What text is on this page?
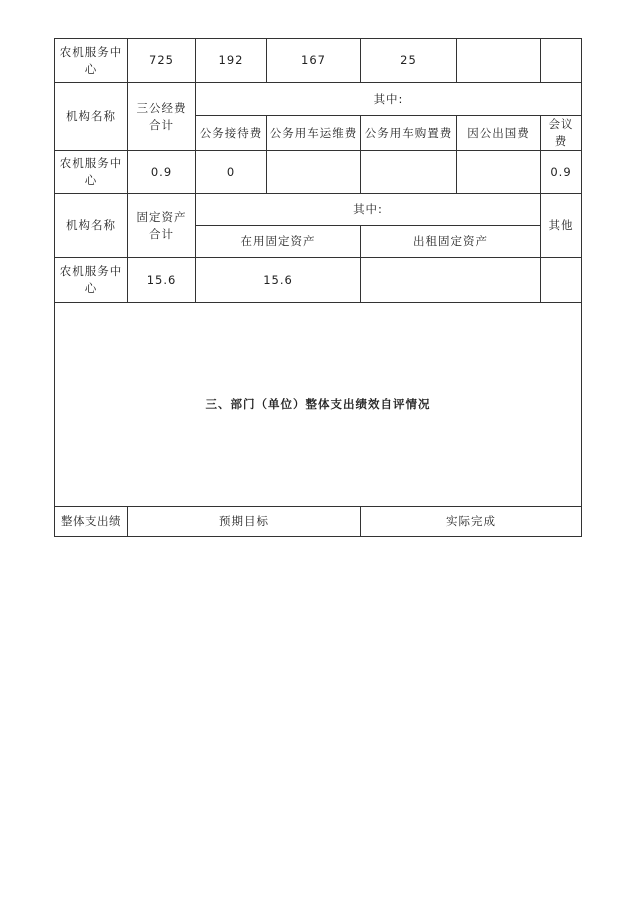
农机服务中心	725	192	167	25		
机构名称	三公经费合计	其中:				
		公务接待费	公务用车运维费	公务用车购置费	因公出国费	会议费
农机服务中心	0.9	0				0.9
机构名称	固定资产合计	其中:				其他
		在用固定资产		出租固定资产		
农机服务中心	15.6	15.6				
三、部门（单位）整体支出绩效自评情况						
整体支出绩	预期目标			实际完成		
